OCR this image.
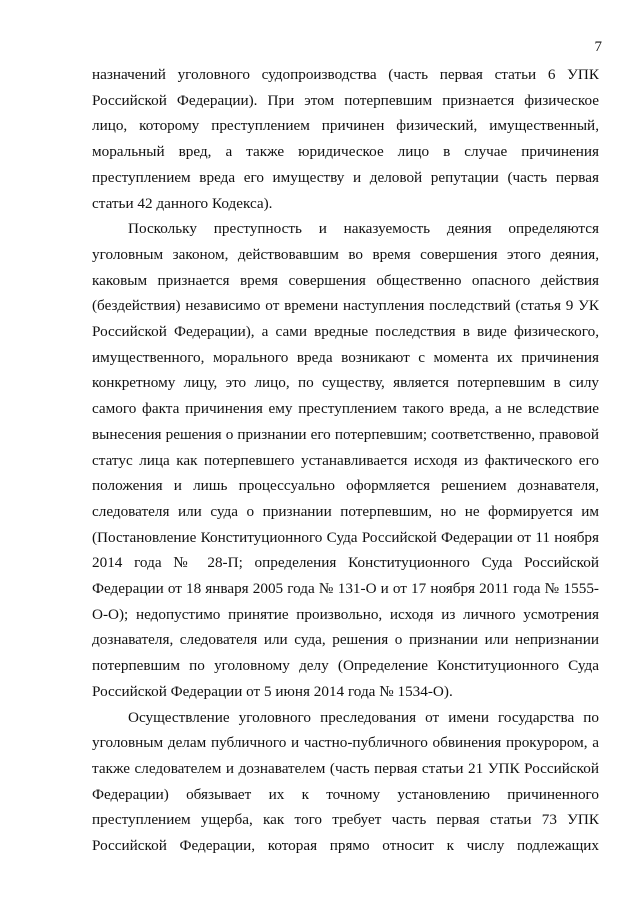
7

назначений уголовного судопроизводства (часть первая статьи 6 УПК Российской Федерации). При этом потерпевшим признается физическое лицо, которому преступлением причинен физический, имущественный, моральный вред, а также юридическое лицо в случае причинения преступлением вреда его имуществу и деловой репутации (часть первая статьи 42 данного Кодекса).

Поскольку преступность и наказуемость деяния определяются уголовным законом, действовавшим во время совершения этого деяния, каковым признается время совершения общественно опасного действия (бездействия) независимо от времени наступления последствий (статья 9 УК Российской Федерации), а сами вредные последствия в виде физического, имущественного, морального вреда возникают с момента их причинения конкретному лицу, это лицо, по существу, является потерпевшим в силу самого факта причинения ему преступлением такого вреда, а не вследствие вынесения решения о признании его потерпевшим; соответственно, правовой статус лица как потерпевшего устанавливается исходя из фактического его положения и лишь процессуально оформляется решением дознавателя, следователя или суда о признании потерпевшим, но не формируется им (Постановление Конституционного Суда Российской Федерации от 11 ноября 2014 года № 28-П; определения Конституционного Суда Российской Федерации от 18 января 2005 года № 131-О и от 17 ноября 2011 года № 1555-О-О); недопустимо принятие произвольно, исходя из личного усмотрения дознавателя, следователя или суда, решения о признании или непризнании потерпевшим по уголовному делу (Определение Конституционного Суда Российской Федерации от 5 июня 2014 года № 1534-О).

Осуществление уголовного преследования от имени государства по уголовным делам публичного и частно-публичного обвинения прокурором, а также следователем и дознавателем (часть первая статьи 21 УПК Российской Федерации) обязывает их к точному установлению причиненного преступлением ущерба, как того требует часть первая статьи 73 УПК Российской Федерации, которая прямо относит к числу подлежащих
